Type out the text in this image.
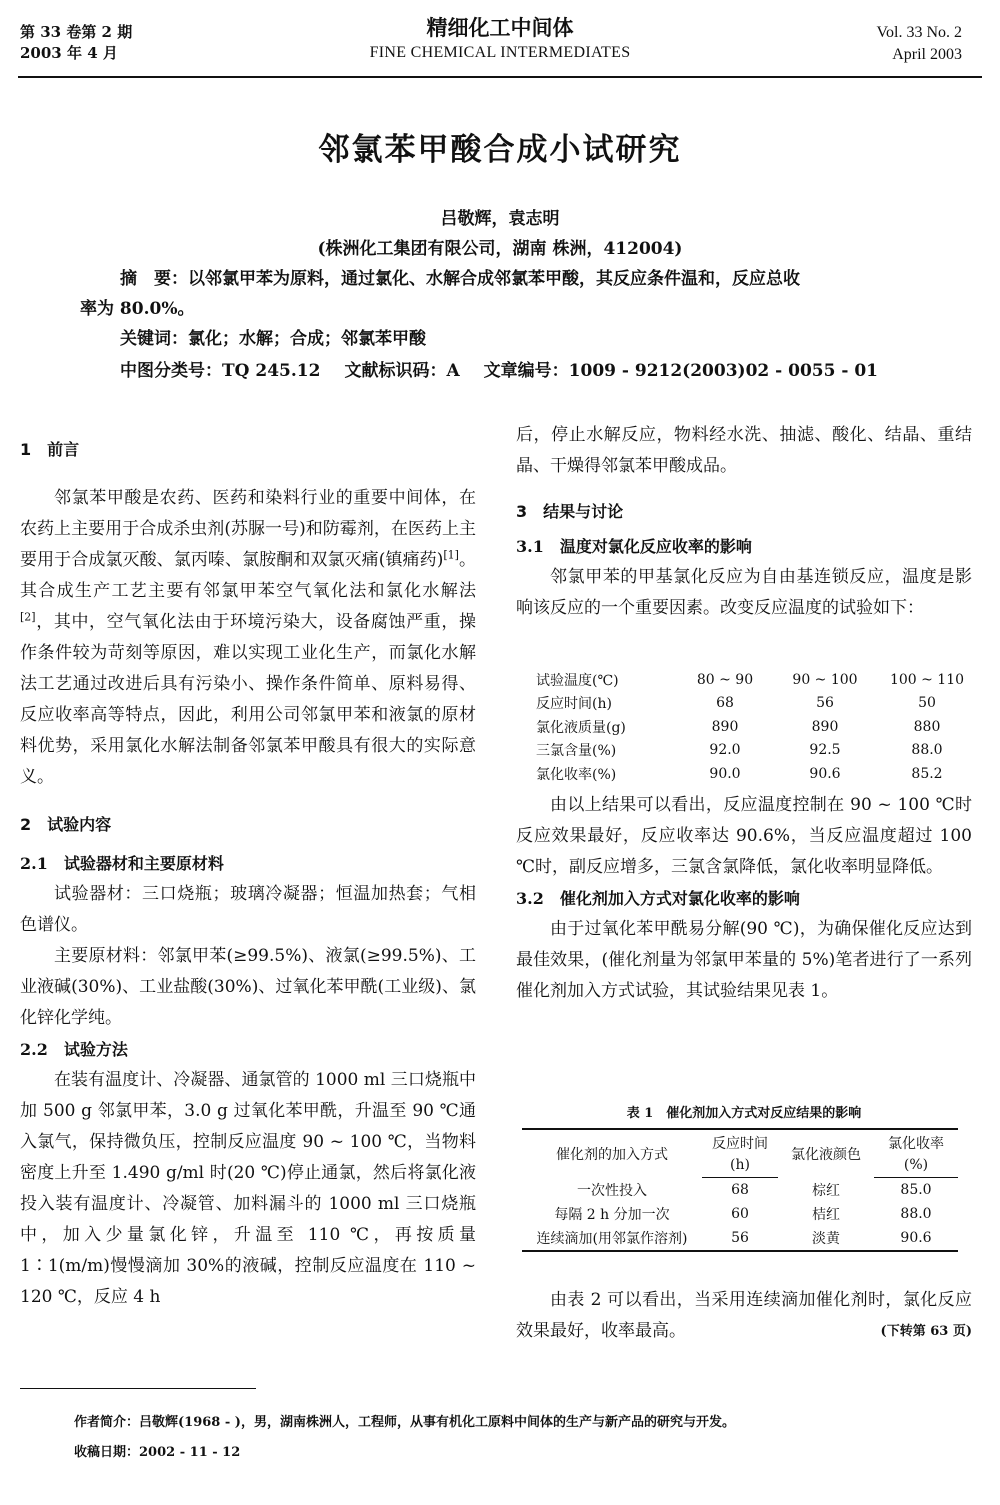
第 33 卷第 2 期
2003 年 4 月
精细化工中间体
FINE CHEMICAL INTERMEDIATES
Vol. 33 No. 2
April 2003
邻氯苯甲酸合成小试研究
吕敬辉，袁志明
(株洲化工集团有限公司，湖南 株洲，412004)
摘　要：以邻氯甲苯为原料，通过氯化、水解合成邻氯苯甲酸，其反应条件温和，反应总收
率为 80.0%。
关键词：氯化；水解；合成；邻氯苯甲酸
中图分类号：TQ 245.12 文献标识码：A 文章编号：1009 - 9212(2003)02 - 0055 - 01

1　前言

邻氯苯甲酸是农药、医药和染料行业的重要中间体，在农药上主要用于合成杀虫剂(苏脲一号)和防霉剂，在医药上主要用于合成氯灭酸、氯丙嗪、氯胺酮和双氯灭痛(镇痛药)[1]。其合成生产工艺主要有邻氯甲苯空气氧化法和氯化水解法[2]，其中，空气氧化法由于环境污染大，设备腐蚀严重，操作条件较为苛刻等原因，难以实现工业化生产，而氯化水解法工艺通过改进后具有污染小、操作条件简单、原料易得、反应收率高等特点，因此，利用公司邻氯甲苯和液氯的原材料优势，采用氯化水解法制备邻氯苯甲酸具有很大的实际意义。

2　试验内容

2.1　试验器材和主要原材料

试验器材：三口烧瓶；玻璃冷凝器；恒温加热套；气相色谱仪。

主要原材料：邻氯甲苯(≥99.5%)、液氯(≥99.5%)、工业液碱(30%)、工业盐酸(30%)、过氧化苯甲酰(工业级)、氯化锌化学纯。

2.2　试验方法

在装有温度计、冷凝器、通氯管的 1000 ml 三口烧瓶中加 500 g 邻氯甲苯，3.0 g 过氧化苯甲酰，升温至 90 ℃通入氯气，保持微负压，控制反应温度 90 ~ 100 ℃，当物料密度上升至 1.490 g/ml 时(20 ℃)停止通氯，然后将氯化液投入装有温度计、冷凝管、加料漏斗的 1000 ml 三口烧瓶中，加入少量氯化锌，升温至 110 ℃，再按质量 1∶1(m/m)慢慢滴加 30%的液碱，控制反应温度在 110 ~ 120 ℃，反应 4 h

后，停止水解反应，物料经水洗、抽滤、酸化、结晶、重结晶、干燥得邻氯苯甲酸成品。

3　结果与讨论

3.1　温度对氯化反应收率的影响

邻氯甲苯的甲基氯化反应为自由基连锁反应，温度是影响该反应的一个重要因素。改变反应温度的试验如下：

试验温度(℃)	80 ~ 90	90 ~ 100	100 ~ 110
反应时间(h)	68	56	50
氯化液质量(g)	890	890	880
三氯含量(%)	92.0	92.5	88.0
氯化收率(%)	90.0	90.6	85.2

由以上结果可以看出，反应温度控制在 90 ~ 100 ℃时反应效果最好，反应收率达 90.6%，当反应温度超过 100 ℃时，副反应增多，三氯含氯降低，氯化收率明显降低。

3.2　催化剂加入方式对氯化收率的影响

由于过氧化苯甲酰易分解(90 ℃)，为确保催化反应达到最佳效果，(催化剂量为邻氯甲苯量的 5%)笔者进行了一系列催化剂加入方式试验，其试验结果见表 1。

表 1　催化剂加入方式对反应结果的影响
催化剂的加入方式	反应时间	氯化液颜色	氯化收率
	(h)		(%)
一次性投入	68	棕红	85.0
每隔 2 h 分加一次	60	桔红	88.0
连续滴加(用邻氯作溶剂)	56	淡黄	90.6

由表 2 可以看出，当采用连续滴加催化剂时，氯化反应效果最好，收率最高。	(下转第 63 页)

作者简介：吕敬辉(1968 - )，男，湖南株洲人，工程师，从事有机化工原料中间体的生产与新产品的研究与开发。
收稿日期：2002 - 11 - 12
